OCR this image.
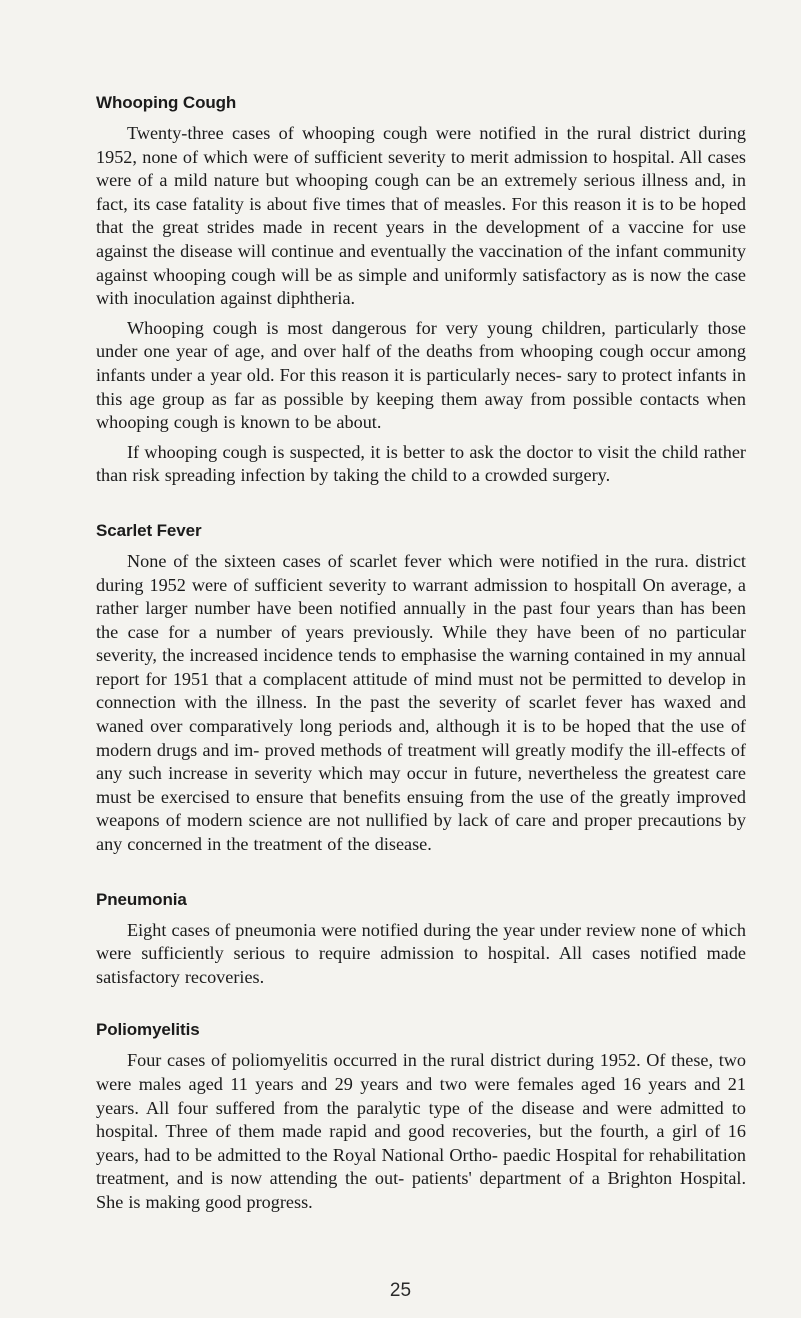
Whooping Cough

Twenty-three cases of whooping cough were notified in the rural district during 1952, none of which were of sufficient severity to merit admission to hospital. All cases were of a mild nature but whooping cough can be an extremely serious illness and, in fact, its case fatality is about five times that of measles. For this reason it is to be hoped that the great strides made in recent years in the development of a vaccine for use against the disease will continue and eventually the vaccination of the infant community against whooping cough will be as simple and uniformly satisfactory as is now the case with inoculation against diphtheria.

Whooping cough is most dangerous for very young children, particularly those under one year of age, and over half of the deaths from whooping cough occur among infants under a year old. For this reason it is particularly neces- sary to protect infants in this age group as far as possible by keeping them away from possible contacts when whooping cough is known to be about.

If whooping cough is suspected, it is better to ask the doctor to visit the child rather than risk spreading infection by taking the child to a crowded surgery.

Scarlet Fever

None of the sixteen cases of scarlet fever which were notified in the rura. district during 1952 were of sufficient severity to warrant admission to hospitall On average, a rather larger number have been notified annually in the past four years than has been the case for a number of years previously. While they have been of no particular severity, the increased incidence tends to emphasise the warning contained in my annual report for 1951 that a complacent attitude of mind must not be permitted to develop in connection with the illness. In the past the severity of scarlet fever has waxed and waned over comparatively long periods and, although it is to be hoped that the use of modern drugs and im- proved methods of treatment will greatly modify the ill-effects of any such increase in severity which may occur in future, nevertheless the greatest care must be exercised to ensure that benefits ensuing from the use of the greatly improved weapons of modern science are not nullified by lack of care and proper precautions by any concerned in the treatment of the disease.

Pneumonia

Eight cases of pneumonia were notified during the year under review none of which were sufficiently serious to require admission to hospital. All cases notified made satisfactory recoveries.

Poliomyelitis

Four cases of poliomyelitis occurred in the rural district during 1952. Of these, two were males aged 11 years and 29 years and two were females aged 16 years and 21 years. All four suffered from the paralytic type of the disease and were admitted to hospital. Three of them made rapid and good recoveries, but the fourth, a girl of 16 years, had to be admitted to the Royal National Ortho- paedic Hospital for rehabilitation treatment, and is now attending the out- patients' department of a Brighton Hospital. She is making good progress.

25
